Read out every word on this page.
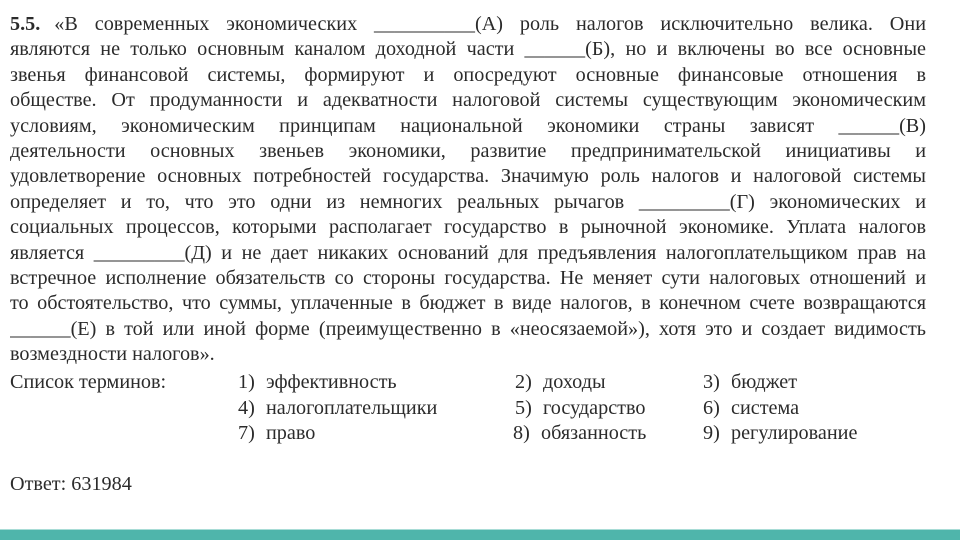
5.5. «В современных экономических __________(А) роль налогов исключительно велика. Они
являются не только основным каналом доходной части ______(Б), но и включены во все основные
звенья финансовой системы, формируют и опосредуют основные финансовые отношения в
обществе. От продуманности и адекватности налоговой системы существующим экономическим
условиям, экономическим принципам национальной экономики страны зависят ______(В)
деятельности основных звеньев экономики, развитие предпринимательской инициативы и
удовлетворение основных потребностей государства. Значимую роль налогов и налоговой системы
определяет и то, что это одни из немногих реальных рычагов _________(Г) экономических и
социальных процессов, которыми располагает государство в рыночной экономике. Уплата налогов
является _________(Д) и не дает никаких оснований для предъявления налогоплательщиком прав на
встречное исполнение обязательств со стороны государства. Не меняет сути налоговых отношений и
то обстоятельство, что суммы, уплаченные в бюджет в виде налогов, в конечном счете возвращаются
______(Е) в той или иной форме (преимущественно в «неосязаемой»), хотя это и создает видимость
возмездности налогов».
Список терминов:	1) эффективность	2) доходы	3) бюджет
4) налогоплательщики	5) государство	6) система
7) право	8) обязанность	9) регулирование
Ответ: 631984
